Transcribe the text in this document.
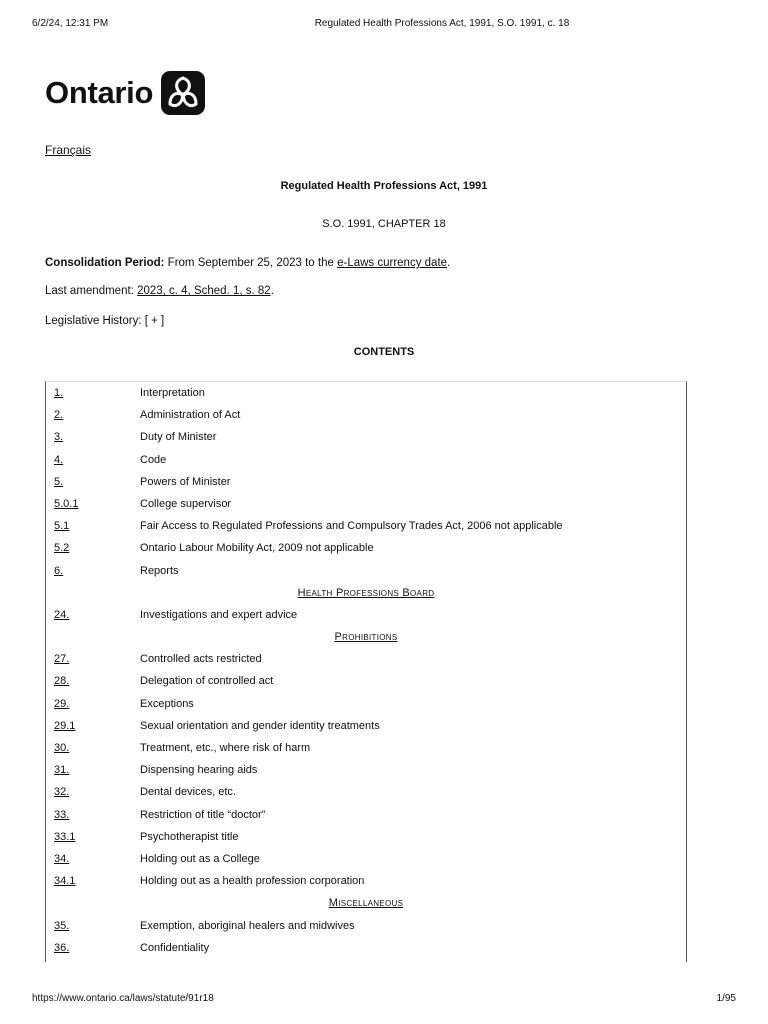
6/2/24, 12:31 PM	Regulated Health Professions Act, 1991, S.O. 1991, c. 18
Ontario
Français
Regulated Health Professions Act, 1991
S.O. 1991, CHAPTER 18
Consolidation Period: From September 25, 2023 to the e-Laws currency date.
Last amendment: 2023, c. 4, Sched. 1, s. 82.
Legislative History: [ + ]
CONTENTS
1.	Interpretation
2.	Administration of Act
3.	Duty of Minister
4.	Code
5.	Powers of Minister
5.0.1	College supervisor
5.1	Fair Access to Regulated Professions and Compulsory Trades Act, 2006 not applicable
5.2	Ontario Labour Mobility Act, 2009 not applicable
6.	Reports
Health Professions Board
24.	Investigations and expert advice
Prohibitions
27.	Controlled acts restricted
28.	Delegation of controlled act
29.	Exceptions
29.1	Sexual orientation and gender identity treatments
30.	Treatment, etc., where risk of harm
31.	Dispensing hearing aids
32.	Dental devices, etc.
33.	Restriction of title “doctor”
33.1	Psychotherapist title
34.	Holding out as a College
34.1	Holding out as a health profession corporation
Miscellaneous
35.	Exemption, aboriginal healers and midwives
36.	Confidentiality
https://www.ontario.ca/laws/statute/91r18	1/95
